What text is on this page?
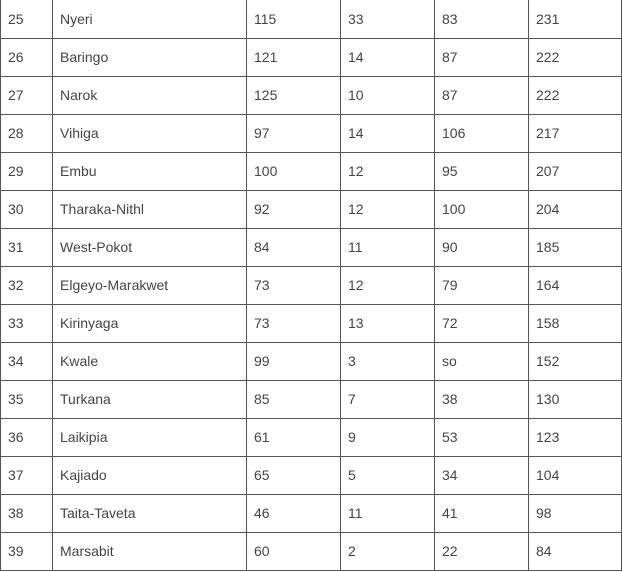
25	Nyeri	115	33	83	231
26	Baringo	121	14	87	222
27	Narok	125	10	87	222
28	Vihiga	97	14	106	217
29	Embu	100	12	95	207
30	Tharaka-Nithl	92	12	100	204
31	West-Pokot	84	11	90	185
32	Elgeyo-Marakwet	73	12	79	164
33	Kirinyaga	73	13	72	158
34	Kwale	99	3	so	152
35	Turkana	85	7	38	130
36	Laikipia	61	9	53	123
37	Kajiado	65	5	34	104
38	Taita-Taveta	46	11	41	98
39	Marsabit	60	2	22	84
